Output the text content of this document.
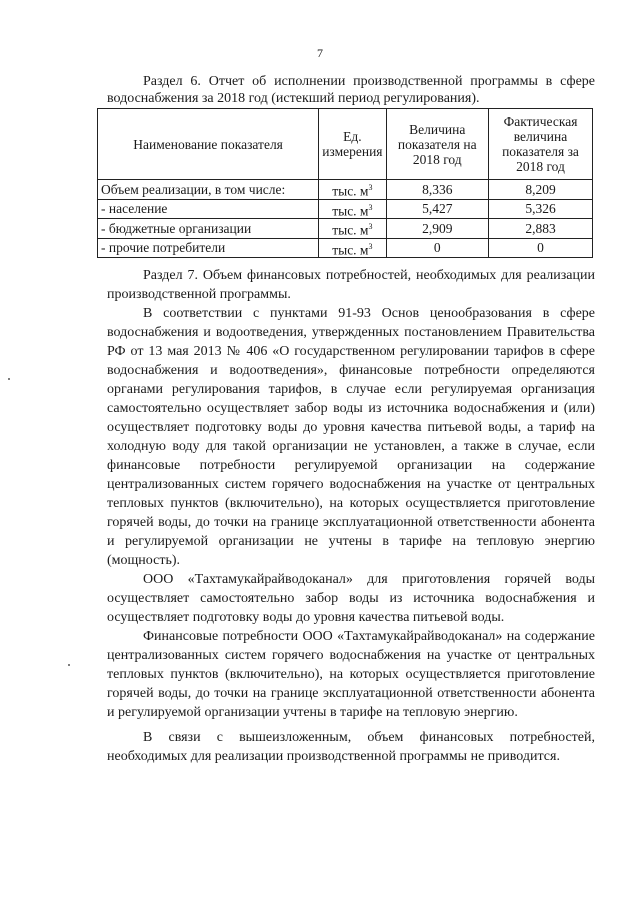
7
Раздел 6. Отчет об исполнении производственной программы в сфере водоснабжения за 2018 год (истекший период регулирования).
Наименование показателя	Ед. измерения	Величина показателя на 2018 год	Фактическая величина показателя за 2018 год
Объем реализации, в том числе:	тыс. $м^3$	8,336	8,209
- население	тыс. $м^3$	5,427	5,326
- бюджетные организации	тыс. $м^3$	2,909	2,883
- прочие потребители	тыс. $м^3$	0	0

Раздел 7. Объем финансовых потребностей, необходимых для реализации производственной программы.

В соответствии с пунктами 91-93 Основ ценообразования в сфере водоснабжения и водоотведения, утвержденных постановлением Правительства РФ от 13 мая 2013 № 406 «О государственном регулировании тарифов в сфере водоснабжения и водоотведения», финансовые потребности определяются органами регулирования тарифов, в случае если регулируемая организация самостоятельно осуществляет забор воды из источника водоснабжения и (или) осуществляет подготовку воды до уровня качества питьевой воды, а тариф на холодную воду для такой организации не установлен, а также в случае, если финансовые потребности регулируемой организации на содержание централизованных систем горячего водоснабжения на участке от центральных тепловых пунктов (включительно), на которых осуществляется приготовление горячей воды, до точки на границе эксплуатационной ответственности абонента и регулируемой организации не учтены в тарифе на тепловую энергию (мощность).

ООО «Тахтамукайрайводоканал» для приготовления горячей воды осуществляет самостоятельно забор воды из источника водоснабжения и осуществляет подготовку воды до уровня качества питьевой воды.

Финансовые потребности ООО «Тахтамукайрайводоканал» на содержание централизованных систем горячего водоснабжения на участке от центральных тепловых пунктов (включительно), на которых осуществляется приготовление горячей воды, до точки на границе эксплуатационной ответственности абонента и регулируемой организации учтены в тарифе на тепловую энергию.

В связи с вышеизложенным, объем финансовых потребностей, необходимых для реализации производственной программы не приводится.
